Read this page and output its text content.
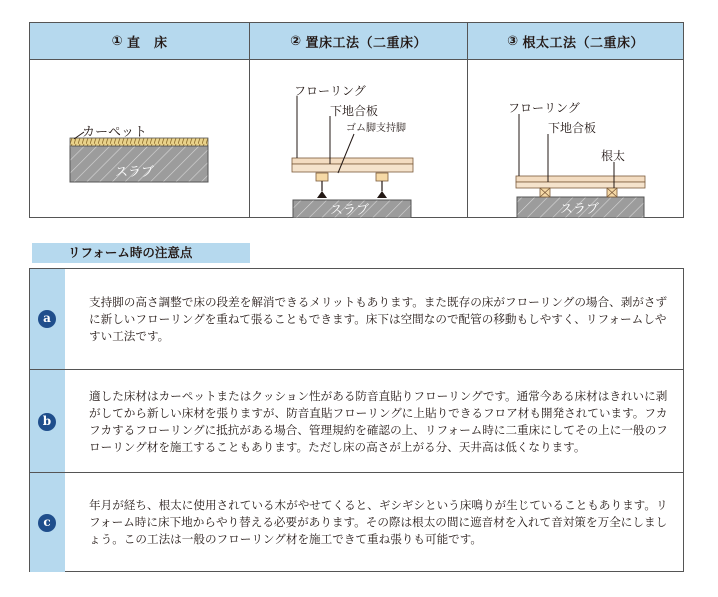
① 直　床
カーペット
スラブ
② 置床工法（二重床）
フローリング
下地合板
ゴム脚支持脚
スラブ
③ 根太工法（二重床）
フローリング
下地合板
根太
スラブ
リフォーム時の注意点
a

支持脚の高さ調整で床の段差を解消できるメリットもあります。また既存の床がフローリングの場合、剥がさずに新しいフローリングを重ねて張ることもできます。床下は空間なので配管の移動もしやすく、リフォームしやすい工法です。

b

適した床材はカーペットまたはクッション性がある防音直貼りフローリングです。通常今ある床材はきれいに剥がしてから新しい床材を張りますが、防音直貼フローリングに上貼りできるフロア材も開発されています。フカフカするフローリングに抵抗がある場合、管理規約を確認の上、リフォーム時に二重床にしてその上に一般のフローリング材を施工することもあります。ただし床の高さが上がる分、天井高は低くなります。

c

年月が経ち、根太に使用されている木がやせてくると、ギシギシという床鳴りが生じていることもあります。リフォーム時に床下地からやり替える必要があります。その際は根太の間に遮音材を入れて音対策を万全にしましょう。この工法は一般のフローリング材を施工できて重ね張りも可能です。
